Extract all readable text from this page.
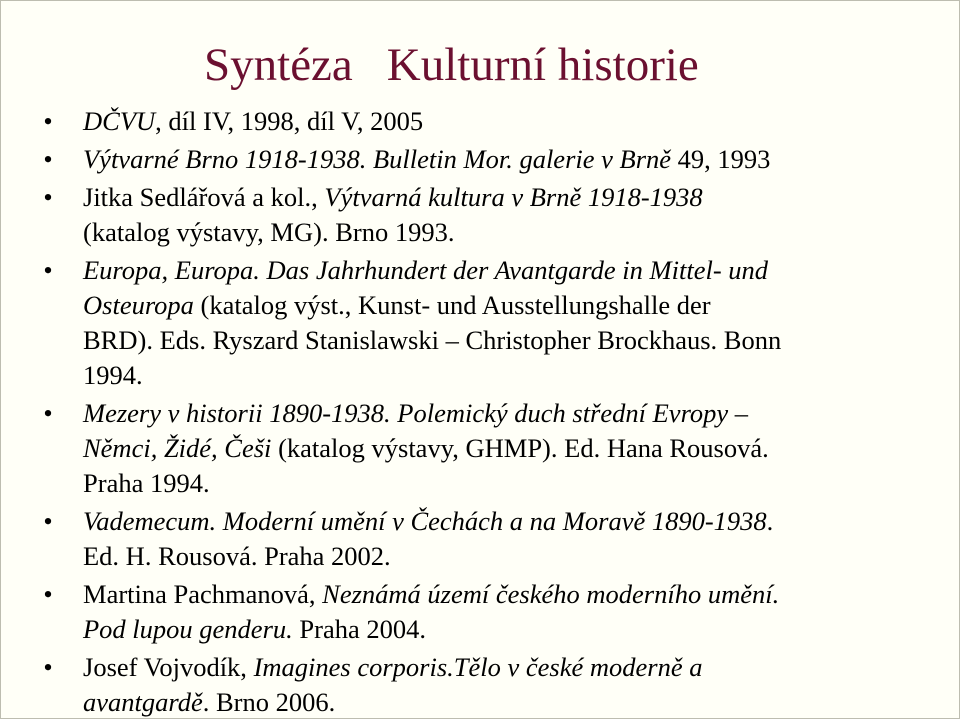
Syntéza Kulturní historie
• DČVU, díl IV, 1998, díl V, 2005
• Výtvarné Brno 1918-1938. Bulletin Mor. galerie v Brně 49, 1993
• Jitka Sedlářová a kol., Výtvarná kultura v Brně 1918-1938
(katalog výstavy, MG). Brno 1993.
• Europa, Europa. Das Jahrhundert der Avantgarde in Mittel- und
Osteuropa (katalog výst., Kunst- und Ausstellungshalle der
BRD). Eds. Ryszard Stanislawski – Christopher Brockhaus. Bonn
1994.
• Mezery v historii 1890-1938. Polemický duch střední Evropy –
Němci, Židé, Češi (katalog výstavy, GHMP). Ed. Hana Rousová.
Praha 1994.
• Vademecum. Moderní umění v Čechách a na Moravě 1890-1938.
Ed. H. Rousová. Praha 2002.
• Martina Pachmanová, Neznámá území českého moderního umění.
Pod lupou genderu. Praha 2004.
• Josef Vojvodík, Imagines corporis.Tělo v české moderně a
avantgardě. Brno 2006.
